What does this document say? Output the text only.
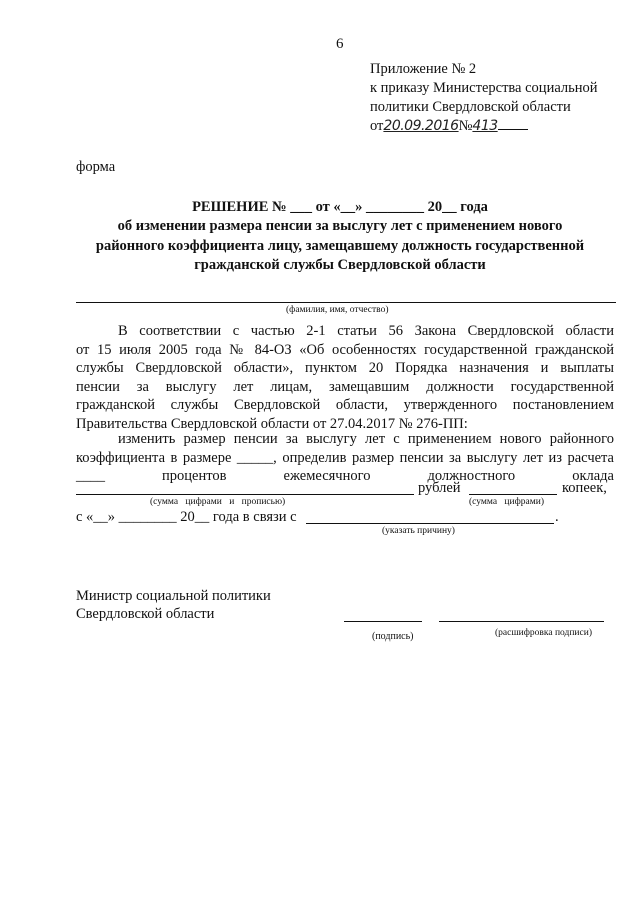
6
Приложение № 2
к приказу Министерства социальной
политики Свердловской области
от20.09.2016№413
форма
РЕШЕНИЕ № ___ от «__» ________ 20__ года
об изменении размера пенсии за выслугу лет с применением нового
районного коэффициента лицу, замещавшему должность государственной
гражданской службы Свердловской области
(фамилия, имя, отчество)
В соответствии с частью 2-1 статьи 56 Закона Свердловской области
от 15 июля 2005 года № 84-ОЗ «Об особенностях государственной гражданской
службы Свердловской области», пунктом 20 Порядка назначения и выплаты
пенсии за выслугу лет лицам, замещавшим должности государственной
гражданской службы Свердловской области, утвержденного постановлением
Правительства Свердловской области от 27.04.2017 № 276-ПП:
изменить размер пенсии за выслугу лет с применением нового районного
коэффициента в размере _____, определив размер пенсии за выслугу лет из расчета
____	процентов	ежемесячного	должностного	оклада
рублей	копеек,
(сумма цифрами и прописью)	(сумма цифрами)
с «__» ________ 20__ года в связи с	.
(указать причину)
Министр социальной политики
Свердловской области
(подпись)	(расшифровка подписи)
